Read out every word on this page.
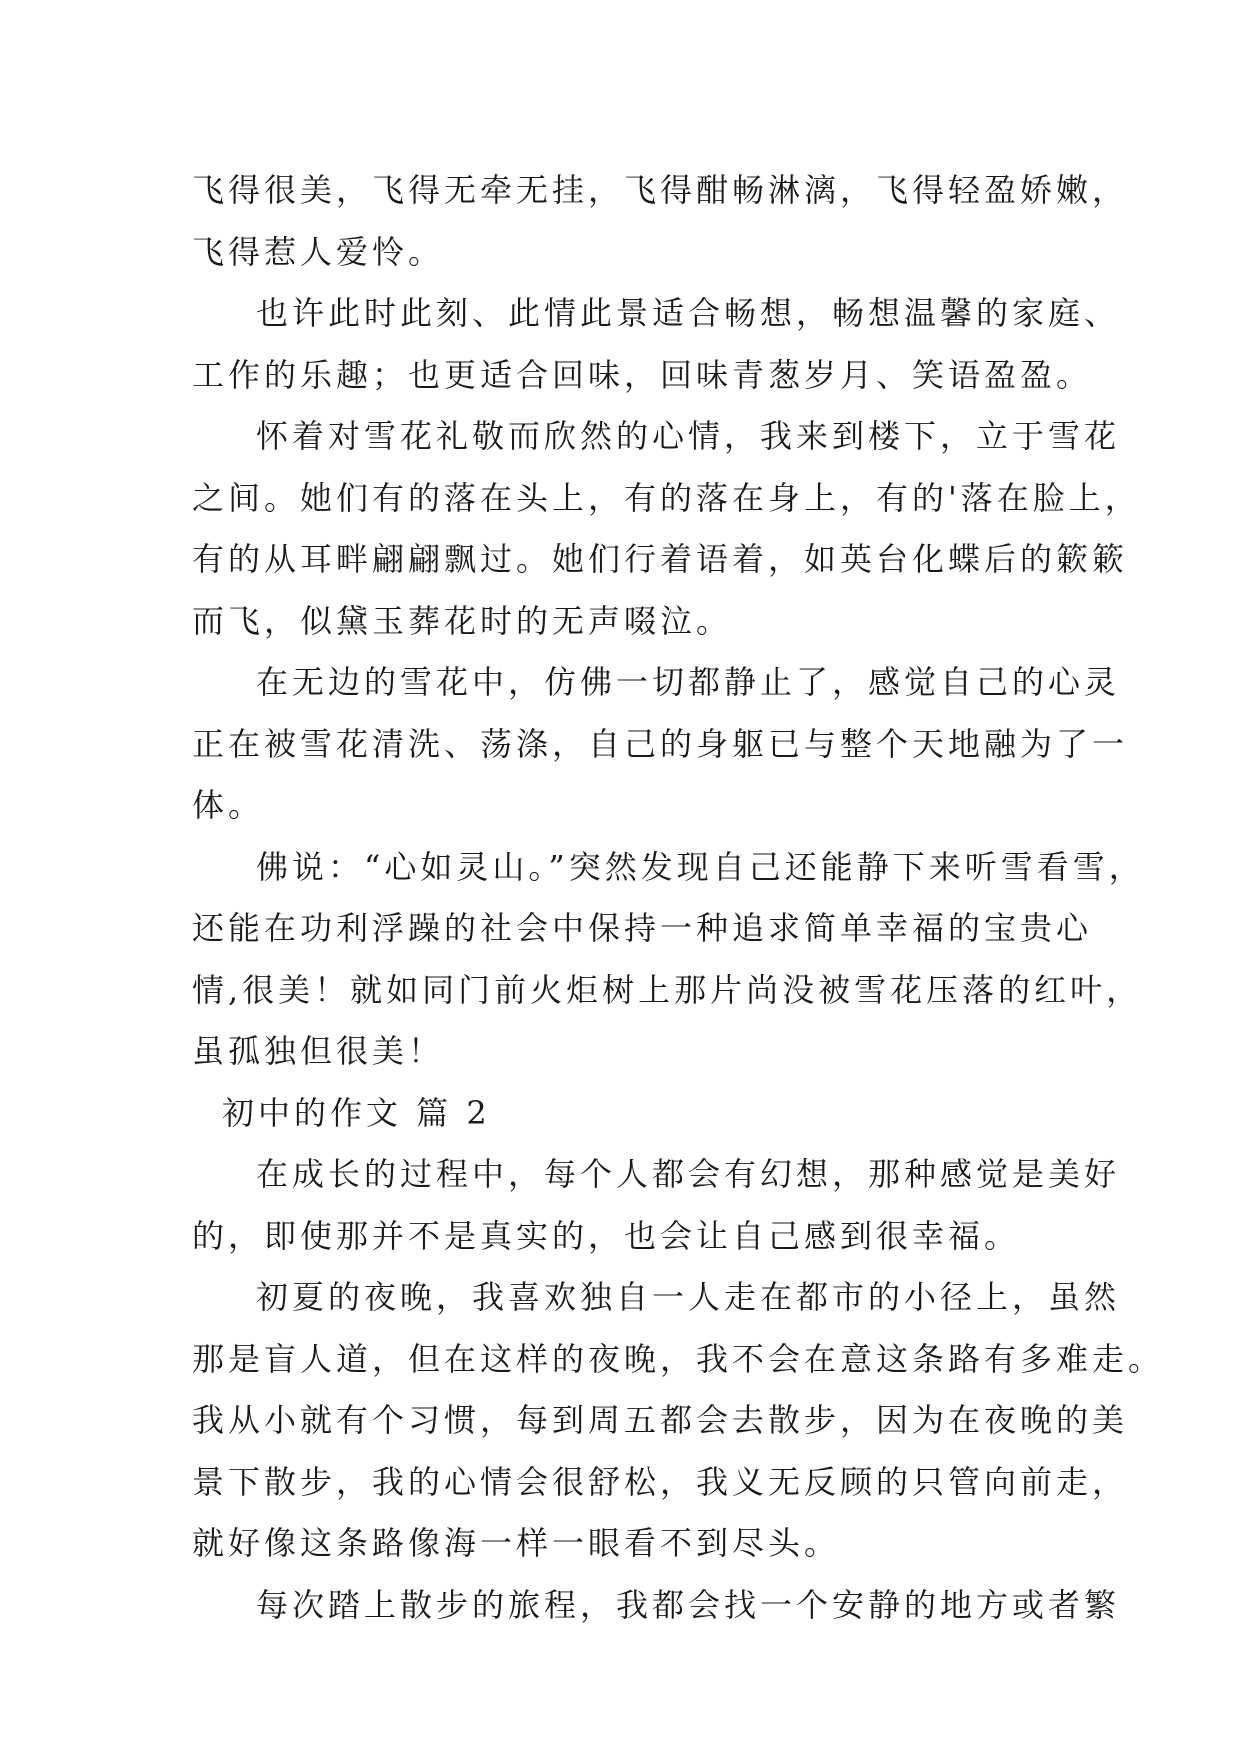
飞得很美，飞得无牵无挂，飞得酣畅淋漓，飞得轻盈娇嫩，
飞得惹人爱怜。
也许此时此刻、此情此景适合畅想，畅想温馨的家庭、
工作的乐趣；也更适合回味，回味青葱岁月、笑语盈盈。
怀着对雪花礼敬而欣然的心情，我来到楼下，立于雪花
之间。她们有的落在头上，有的落在身上，有的'落在脸上，
有的从耳畔翩翩飘过。她们行着语着，如英台化蝶后的簌簌
而飞，似黛玉葬花时的无声啜泣。
在无边的雪花中，仿佛一切都静止了，感觉自己的心灵
正在被雪花清洗、荡涤，自己的身躯已与整个天地融为了一
体。
佛说：“心如灵山。”突然发现自己还能静下来听雪看雪，
还能在功利浮躁的社会中保持一种追求简单幸福的宝贵心
情,很美！就如同门前火炬树上那片尚没被雪花压落的红叶，
虽孤独但很美！
初中的作文 篇 2
在成长的过程中，每个人都会有幻想，那种感觉是美好
的，即使那并不是真实的，也会让自己感到很幸福。
初夏的夜晚，我喜欢独自一人走在都市的小径上，虽然
那是盲人道，但在这样的夜晚，我不会在意这条路有多难走。
我从小就有个习惯，每到周五都会去散步，因为在夜晚的美
景下散步，我的心情会很舒松，我义无反顾的只管向前走，
就好像这条路像海一样一眼看不到尽头。
每次踏上散步的旅程，我都会找一个安静的地方或者繁
